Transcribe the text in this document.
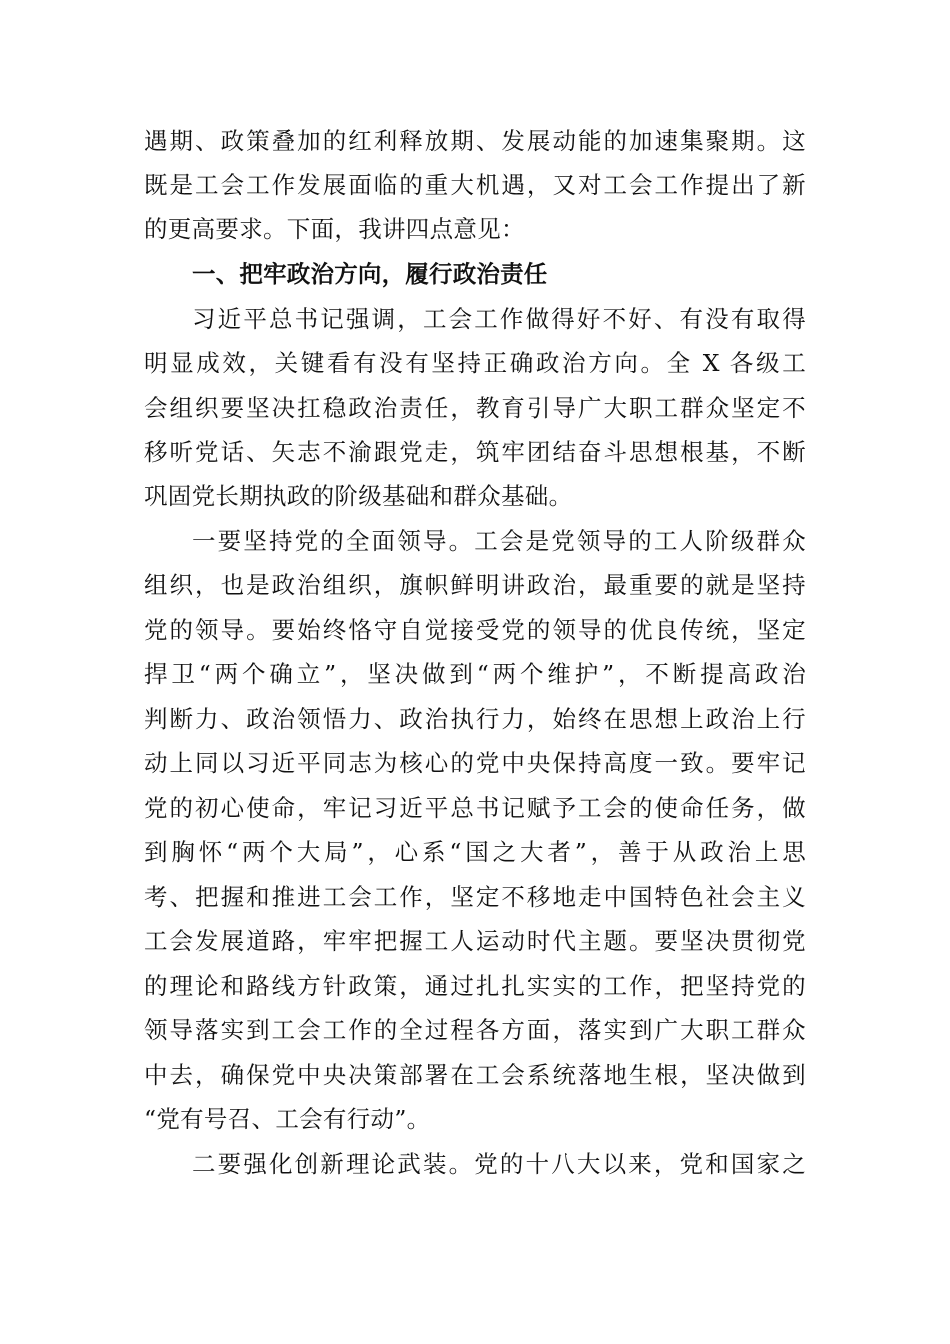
遇期、政策叠加的红利释放期、发展动能的加速集聚期。这
既是工会工作发展面临的重大机遇，又对工会工作提出了新
的更高要求。下面，我讲四点意见：
一、把牢政治方向，履行政治责任
习近平总书记强调，工会工作做得好不好、有没有取得
明显成效，关键看有没有坚持正确政治方向。全 X 各级工
会组织要坚决扛稳政治责任，教育引导广大职工群众坚定不
移听党话、矢志不渝跟党走，筑牢团结奋斗思想根基，不断
巩固党长期执政的阶级基础和群众基础。
一要坚持党的全面领导。工会是党领导的工人阶级群众
组织，也是政治组织，旗帜鲜明讲政治，最重要的就是坚持
党的领导。要始终恪守自觉接受党的领导的优良传统，坚定
捍卫“两个确立”，坚决做到“两个维护”，不断提高政治
判断力、政治领悟力、政治执行力，始终在思想上政治上行
动上同以习近平同志为核心的党中央保持高度一致。要牢记
党的初心使命，牢记习近平总书记赋予工会的使命任务，做
到胸怀“两个大局”，心系“国之大者”，善于从政治上思
考、把握和推进工会工作，坚定不移地走中国特色社会主义
工会发展道路，牢牢把握工人运动时代主题。要坚决贯彻党
的理论和路线方针政策，通过扎扎实实的工作，把坚持党的
领导落实到工会工作的全过程各方面，落实到广大职工群众
中去，确保党中央决策部署在工会系统落地生根，坚决做到
“党有号召、工会有行动”。
二要强化创新理论武装。党的十八大以来，党和国家之
